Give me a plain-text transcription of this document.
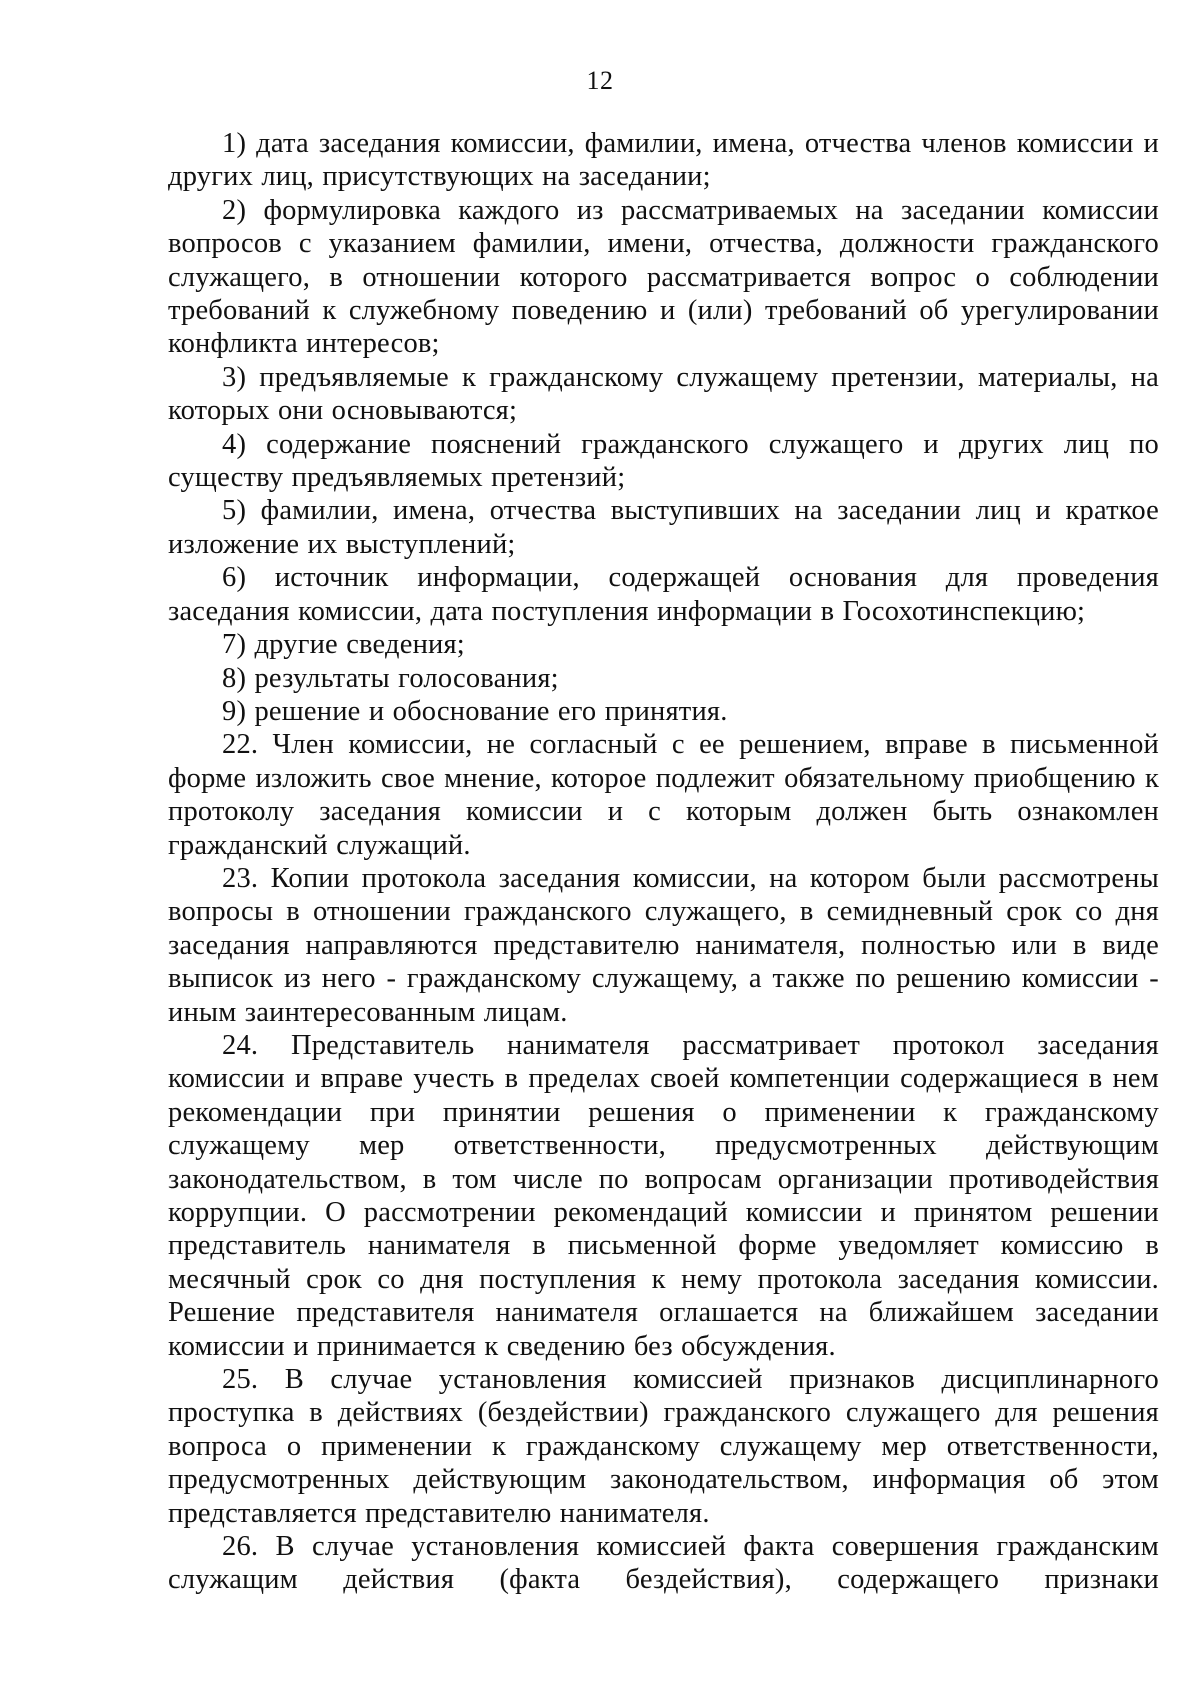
12

1) дата заседания комиссии, фамилии, имена, отчества членов комиссии и других лиц, присутствующих на заседании;

2) формулировка каждого из рассматриваемых на заседании комиссии вопросов с указанием фамилии, имени, отчества, должности гражданского служащего, в отношении которого рассматривается вопрос о соблюдении требований к служебному поведению и (или) требований об урегулировании конфликта интересов;

3) предъявляемые к гражданскому служащему претензии, материалы, на которых они основываются;

4) содержание пояснений гражданского служащего и других лиц по существу предъявляемых претензий;

5) фамилии, имена, отчества выступивших на заседании лиц и краткое изложение их выступлений;

6) источник информации, содержащей основания для проведения заседания комиссии, дата поступления информации в Госохотинспекцию;

7) другие сведения;

8) результаты голосования;

9) решение и обоснование его принятия.

22. Член комиссии, не согласный с ее решением, вправе в письменной форме изложить свое мнение, которое подлежит обязательному приобщению к протоколу заседания комиссии и с которым должен быть ознакомлен гражданский служащий.

23. Копии протокола заседания комиссии, на котором были рассмотрены вопросы в отношении гражданского служащего, в семидневный срок со дня заседания направляются представителю нанимателя, полностью или в виде выписок из него - гражданскому служащему, а также по решению комиссии - иным заинтересованным лицам.

24. Представитель нанимателя рассматривает протокол заседания комиссии и вправе учесть в пределах своей компетенции содержащиеся в нем рекомендации при принятии решения о применении к гражданскому служащему мер ответственности, предусмотренных действующим законодательством, в том числе по вопросам организации противодействия коррупции. О рассмотрении рекомендаций комиссии и принятом решении представитель нанимателя в письменной форме уведомляет комиссию в месячный срок со дня поступления к нему протокола заседания комиссии. Решение представителя нанимателя оглашается на ближайшем заседании комиссии и принимается к сведению без обсуждения.

25. В случае установления комиссией признаков дисциплинарного проступка в действиях (бездействии) гражданского служащего для решения вопроса о применении к гражданскому служащему мер ответственности, предусмотренных действующим законодательством, информация об этом представляется представителю нанимателя.

26. В случае установления комиссией факта совершения гражданским служащим действия (факта бездействия), содержащего признаки
